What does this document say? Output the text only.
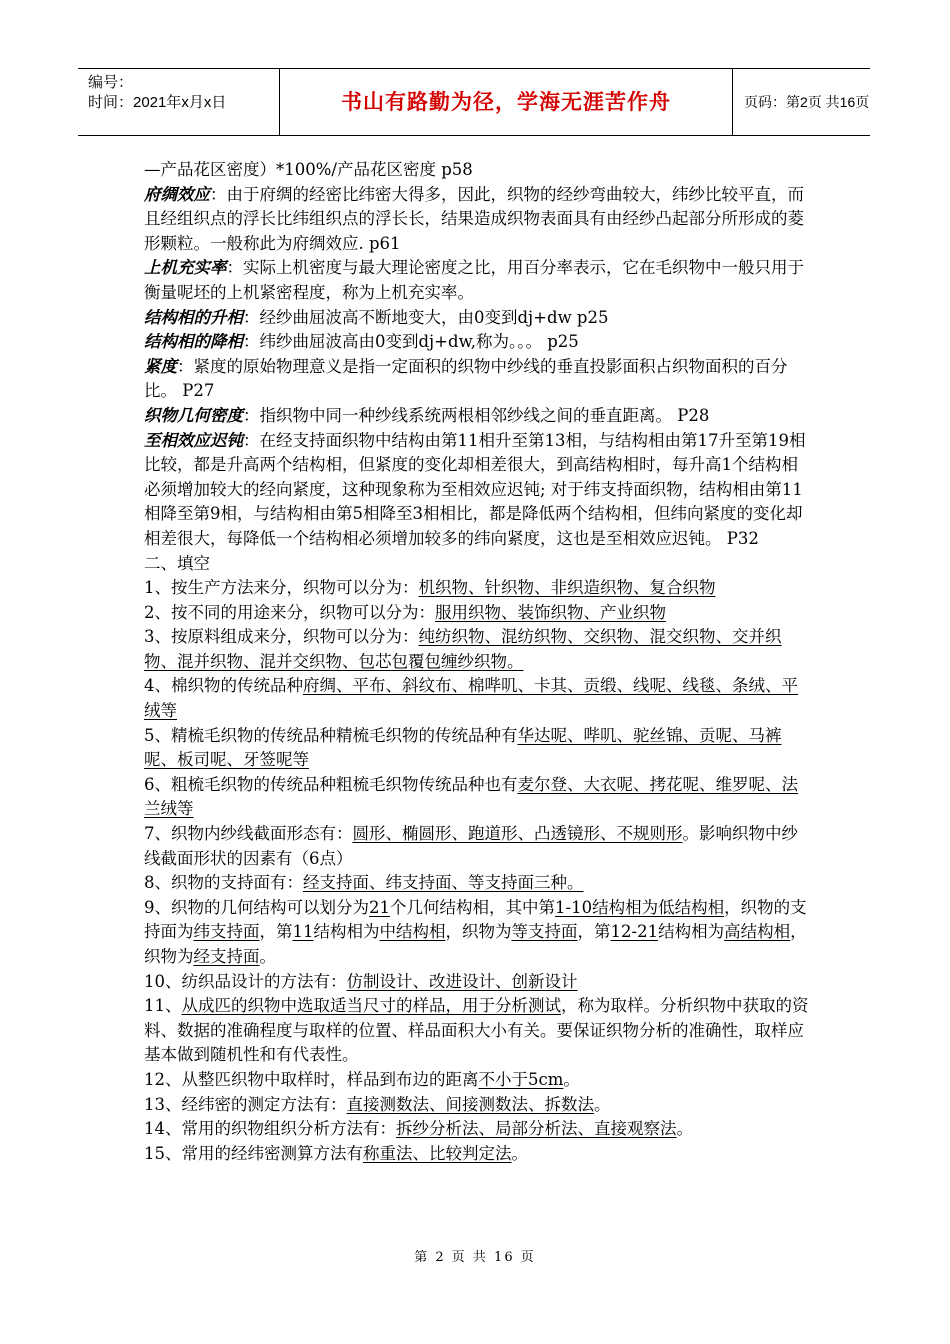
编号：
时间：2021年x月x日	书山有路勤为径，学海无涯苦作舟	页码：第2页 共16页

—产品花区密度）*100%/产品花区密度 p58

府绸效应：由于府绸的经密比纬密大得多，因此，织物的经纱弯曲较大，纬纱比较平直，而且经组织点的浮长比纬组织点的浮长长，结果造成织物表面具有由经纱凸起部分所形成的菱形颗粒。一般称此为府绸效应. p61

上机充实率：实际上机密度与最大理论密度之比，用百分率表示，它在毛织物中一般只用于衡量呢坯的上机紧密程度，称为上机充实率。

结构相的升相：经纱曲屈波高不断地变大，由0变到dj+dw p25

结构相的降相：纬纱曲屈波高由0变到dj+dw,称为。。。 p25

紧度：紧度的原始物理意义是指一定面积的织物中纱线的垂直投影面积占织物面积的百分比。 P27

织物几何密度：指织物中同一种纱线系统两根相邻纱线之间的垂直距离。 P28

至相效应迟钝：在经支持面织物中结构由第11相升至第13相，与结构相由第17升至第19相比较，都是升高两个结构相，但紧度的变化却相差很大，到高结构相时，每升高1个结构相必须增加较大的经向紧度，这种现象称为至相效应迟钝; 对于纬支持面织物，结构相由第11相降至第9相，与结构相由第5相降至3相相比，都是降低两个结构相，但纬向紧度的变化却相差很大，每降低一个结构相必须增加较多的纬向紧度，这也是至相效应迟钝。 P32

二、填空

1、按生产方法来分，织物可以分为：机织物、针织物、非织造织物、复合织物

2、按不同的用途来分，织物可以分为：服用织物、装饰织物、产业织物

3、按原料组成来分，织物可以分为：纯纺织物、混纺织物、交织物、混交织物、交并织物、混并织物、混并交织物、包芯包覆包缠纱织物。

4、棉织物的传统品种府绸、平布、斜纹布、棉哔叽、卡其、贡缎、线呢、线毯、条绒、平绒等

5、精梳毛织物的传统品种精梳毛织物的传统品种有华达呢、哔叽、驼丝锦、贡呢、马裤呢、板司呢、牙签呢等

6、粗梳毛织物的传统品种粗梳毛织物传统品种也有麦尔登、大衣呢、拷花呢、维罗呢、法兰绒等

7、织物内纱线截面形态有：圆形、椭圆形、跑道形、凸透镜形、不规则形。影响织物中纱线截面形状的因素有（6点）

8、织物的支持面有：经支持面、纬支持面、等支持面三种。

9、织物的几何结构可以划分为21个几何结构相，其中第1-10结构相为低结构相，织物的支持面为纬支持面，第11结构相为中结构相，织物为等支持面，第12-21结构相为高结构相，织物为经支持面。

10、纺织品设计的方法有：仿制设计、改进设计、创新设计

11、从成匹的织物中选取适当尺寸的样品，用于分析测试，称为取样。分析织物中获取的资料、数据的准确程度与取样的位置、样品面积大小有关。要保证织物分析的准确性，取样应基本做到随机性和有代表性。

12、从整匹织物中取样时，样品到布边的距离不小于5cm。

13、经纬密的测定方法有：直接测数法、间接测数法、拆数法。

14、常用的织物组织分析方法有：拆纱分析法、局部分析法、直接观察法。

15、常用的经纬密测算方法有称重法、比较判定法。

第 2 页 共 16 页
